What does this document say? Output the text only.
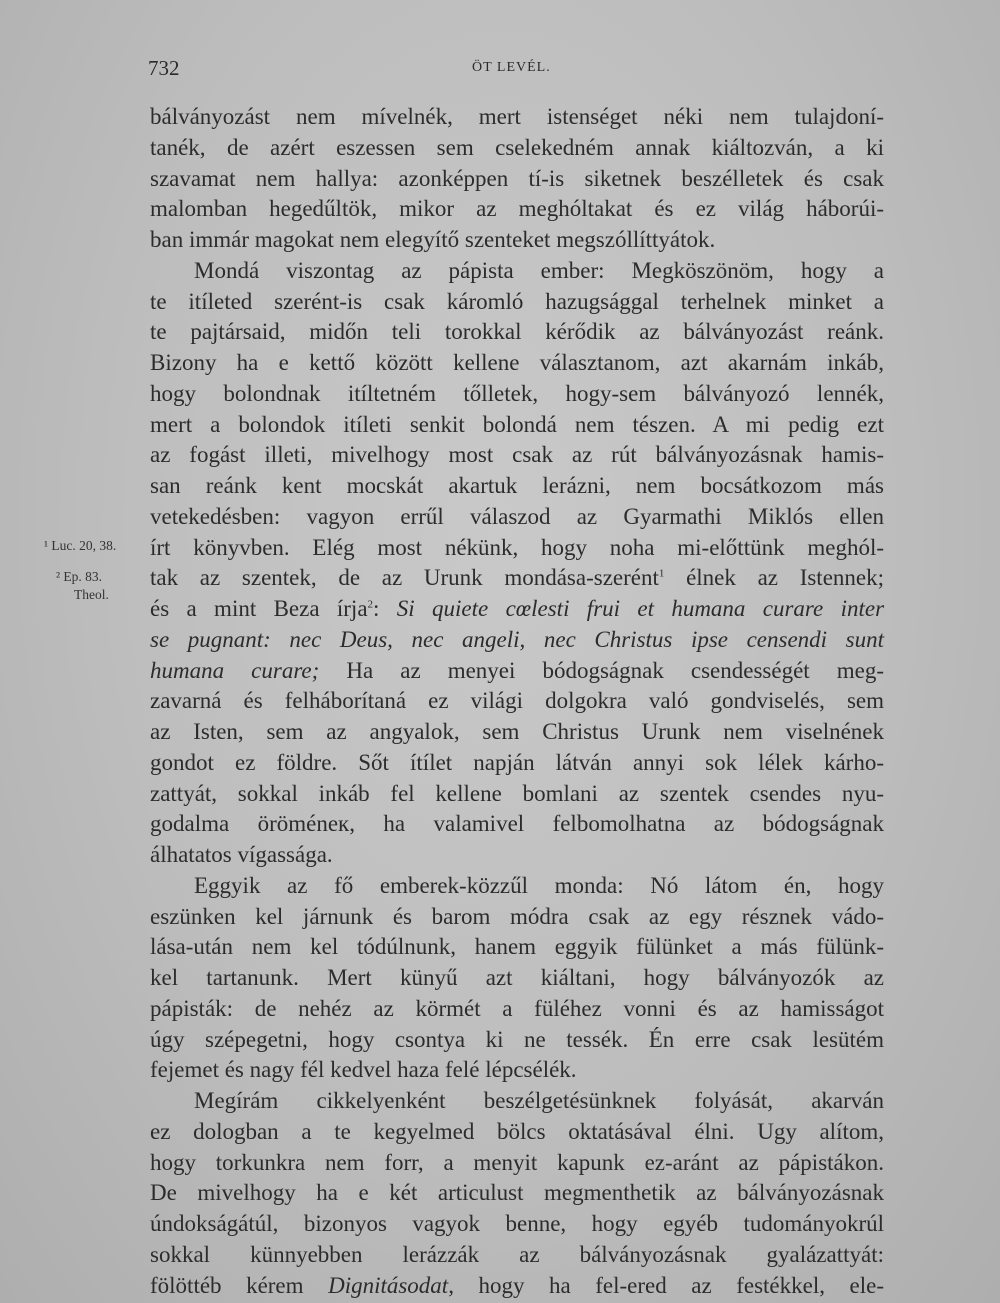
732	ÖT LEVÉL.
¹ Luc. 20, 38.
² Ep. 83.
Theol.
bálványozást nem mívelnék, mert istenséget néki nem tulajdoní-
tanék, de azért eszessen sem cselekedném annak kiáltozván, a ki
szavamat nem hallya: azonképpen tí-is siketnek beszélletek és csak
malomban hegedűltök, mikor az meghóltakat és ez világ háborúi-
ban immár magokat nem elegyítő szenteket megszóllíttyátok.
Mondá viszontag az pápista ember: Megköszönöm, hogy a
te itíleted szerént-is csak káromló hazugsággal terhelnek minket a
te pajtársaid, midőn teli torokkal kérődik az bálványozást reánk.
Bizony ha e kettő között kellene választanom, azt akarnám inkáb,
hogy bolondnak itíltetném tőlletek, hogy-sem bálványozó lennék,
mert a bolondok itíleti senkit bolondá nem tészen. A mi pedig ezt
az fogást illeti, mivelhogy most csak az rút bálványozásnak hamis-
san reánk kent mocskát akartuk lerázni, nem bocsátkozom más
vetekedésben: vagyon errűl válaszod az Gyarmathi Miklós ellen
írt könyvben. Elég most nékünk, hogy noha mi-előttünk meghól-
tak az szentek, de az Urunk mondása-szerént$^1$ élnek az Istennek;
és a mint Beza írja$^2$: Si quiete cœlesti frui et humana curare inter
se pugnant: nec Deus, nec angeli, nec Christus ipse censendi sunt
humana curare; Ha az menyei bódogságnak csendességét meg-
zavarná és felháborítaná ez világi dolgokra való gondviselés, sem
az Isten, sem az angyalok, sem Christus Urunk nem viselnének
gondot ez földre. Sőt ítílet napján látván annyi sok lélek kárho-
zattyát, sokkal inkáb fel kellene bomlani az szentek csendes nyu-
godalma öröméneк, ha valamivel felbomolhatna az bódogságnak
álhatatos vígassága.
Eggyik az fő emberek-közzűl monda: Nó látom én, hogy
eszünken kel járnunk és barom módra csak az egy résznek vádo-
lása-után nem kel tódúlnunk, hanem eggyik fülünket a más fülünk-
kel tartanunk. Mert künyű azt kiáltani, hogy bálványozók az
pápisták: de nehéz az körmét a füléhez vonni és az hamisságot
úgy szépegetni, hogy csontya ki ne tessék. Én erre csak lesütém
fejemet és nagy fél kedvel haza felé lépcsélék.
Megírám cikkelyenként beszélgetésünknek folyását, akarván
ez dologban a te kegyelmed bölcs oktatásával élni. Ugy alítom,
hogy torkunkra nem forr, a menyit kapunk ez-aránt az pápistákon.
De mivelhogy ha e két articulust megmenthetik az bálványozásnak
úndokságátúl, bizonyos vagyok benne, hogy egyéb tudományokrúl
sokkal künnyebben lerázzák az bálványozásnak gyalázattyát:
fölöttéb kérem Dignitásodat, hogy ha fel-ered az festékkel, ele-
